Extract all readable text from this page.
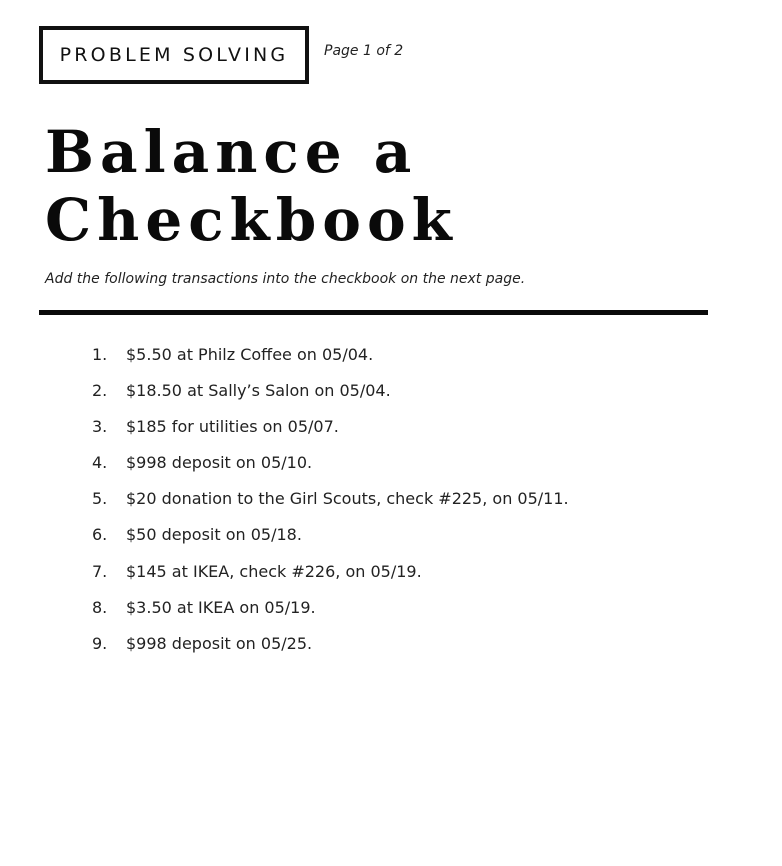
PROBLEM SOLVING	Page 1 of 2
Balance a
Checkbook
Add the following transactions into the checkbook on the next page.
1. $5.50 at Philz Coffee on 05/04.
2. $18.50 at Sally’s Salon on 05/04.
3. $185 for utilities on 05/07.
4. $998 deposit on 05/10.
5. $20 donation to the Girl Scouts, check #225, on 05/11.
6. $50 deposit on 05/18.
7. $145 at IKEA, check #226, on 05/19.
8. $3.50 at IKEA on 05/19.
9. $998 deposit on 05/25.
